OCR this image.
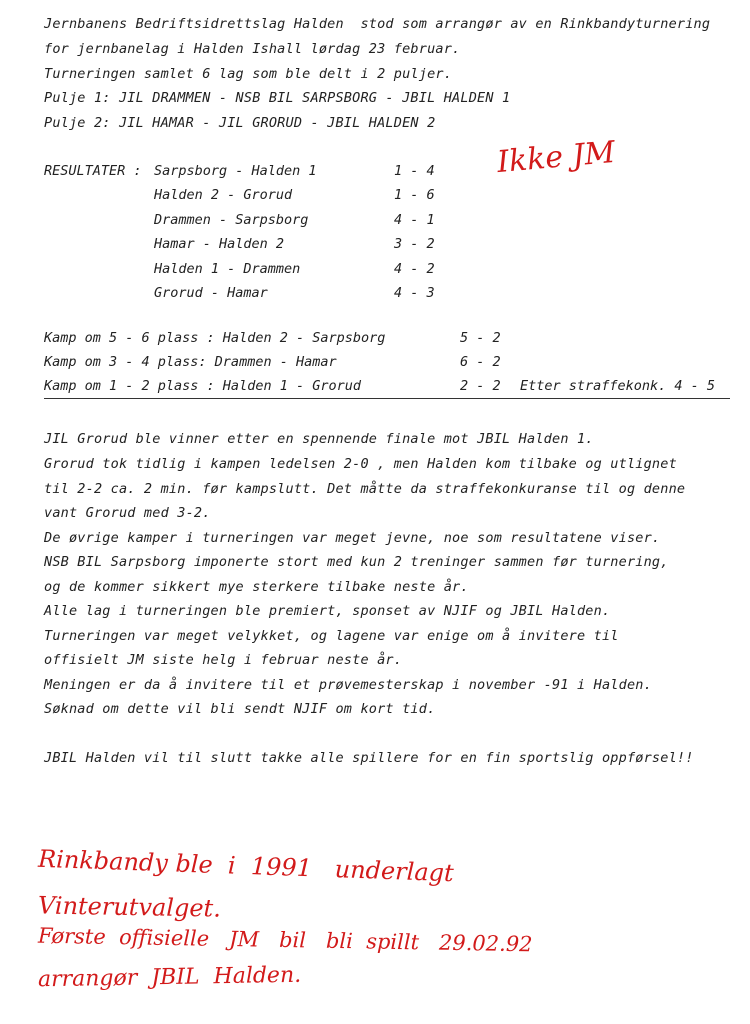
Jernbanens Bedriftsidrettslag Halden  stod som arrangør av en Rinkbandyturnering
for jernbanelag i Halden Ishall lørdag 23 februar.
Turneringen samlet 6 lag som ble delt i 2 puljer.
Pulje 1: JIL DRAMMEN - NSB BIL SARPSBORG - JBIL HALDEN 1
Pulje 2: JIL HAMAR - JIL GRORUD - JBIL HALDEN 2
RESULTATER : Sarpsborg - Halden 1	1 - 4
Halden 2 - Grorud	1 - 6
Drammen - Sarpsborg	4 - 1
Hamar - Halden 2	3 - 2
Halden 1 - Drammen	4 - 2
Grorud - Hamar	4 - 3
Kamp om 5 - 6 plass : Halden 2 - Sarpsborg	5 - 2
Kamp om 3 - 4 plass: Drammen - Hamar	6 - 2
Kamp om 1 - 2 plass : Halden 1 - Grorud	2 - 2 Etter straffekonk. 4 - 5
JIL Grorud ble vinner etter en spennende finale mot JBIL Halden 1.
Grorud tok tidlig i kampen ledelsen 2-0 , men Halden kom tilbake og utlignet
til 2-2 ca. 2 min. før kampslutt. Det måtte da straffekonkuranse til og denne
vant Grorud med 3-2.
De øvrige kamper i turneringen var meget jevne, noe som resultatene viser.
NSB BIL Sarpsborg imponerte stort med kun 2 treninger sammen før turnering,
og de kommer sikkert mye sterkere tilbake neste år.
Alle lag i turneringen ble premiert, sponset av NJIF og JBIL Halden.
Turneringen var meget velykket, og lagene var enige om å invitere til
offisielt JM siste helg i februar neste år.
Meningen er da å invitere til et prøvemesterskap i november -91 i Halden.
Søknad om dette vil bli sendt NJIF om kort tid.
JBIL Halden vil til slutt takke alle spillere for en fin sportslig oppførsel!!
Ikke JM
Rinkbandy ble  i  1991   underlagt
Vinterutvalget.
Første  offisielle   JM   bil   bli  spillt   29.02.92
arrangør  JBIL  Halden.
